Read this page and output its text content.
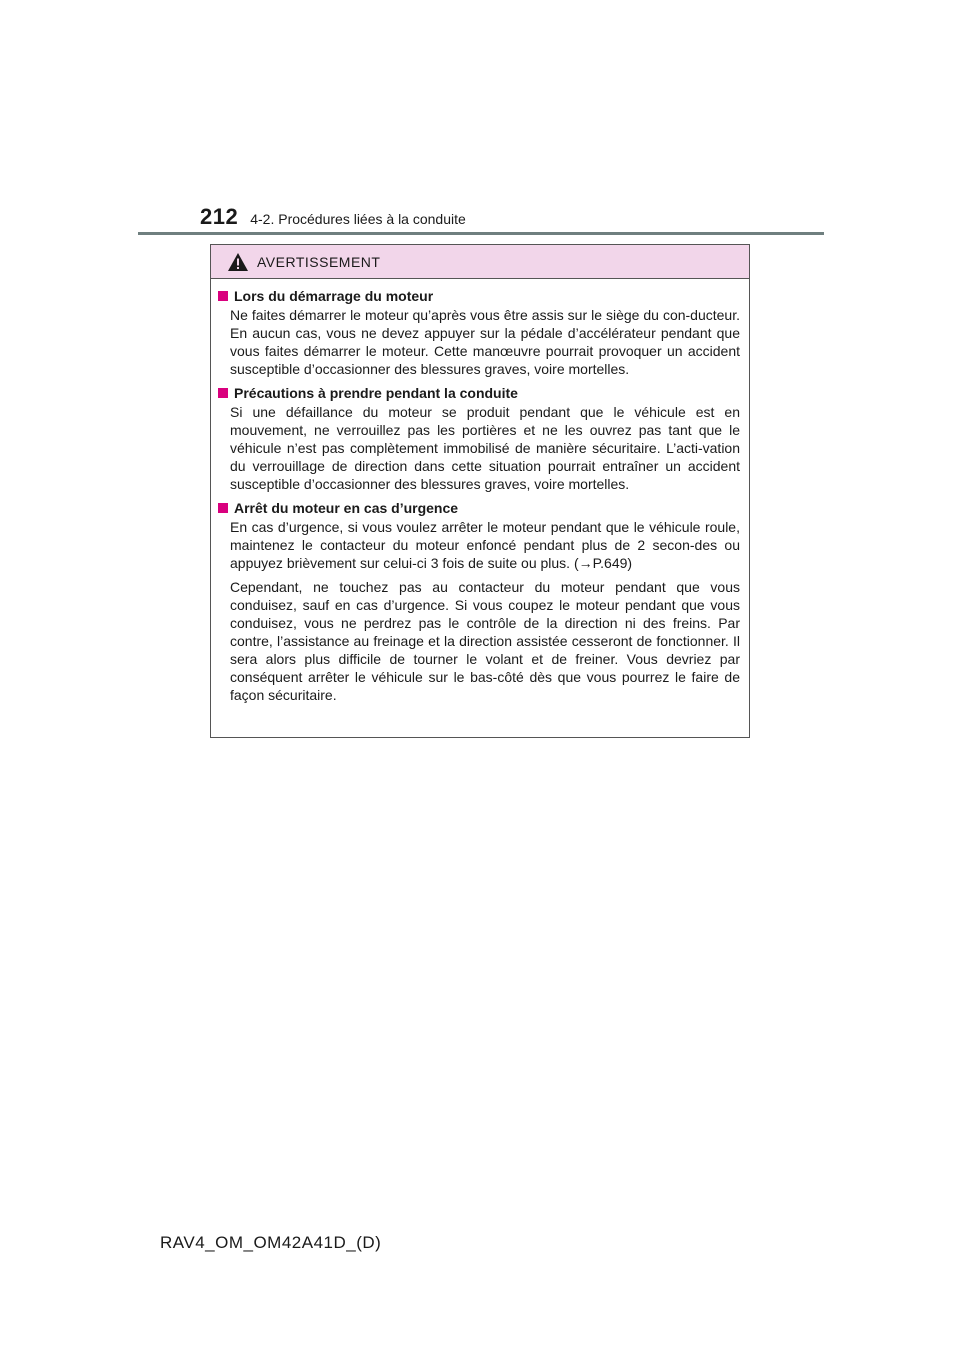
212 4-2. Procédures liées à la conduite
AVERTISSEMENT
Lors du démarrage du moteur

Ne faites démarrer le moteur qu’après vous être assis sur le siège du con-ducteur. En aucun cas, vous ne devez appuyer sur la pédale d’accélérateur pendant que vous faites démarrer le moteur. Cette manœuvre pourrait provoquer un accident susceptible d’occasionner des blessures graves, voire mortelles.

Précautions à prendre pendant la conduite

Si une défaillance du moteur se produit pendant que le véhicule est en mouvement, ne verrouillez pas les portières et ne les ouvrez pas tant que le véhicule n’est pas complètement immobilisé de manière sécuritaire. L’acti-vation du verrouillage de direction dans cette situation pourrait entraîner un accident susceptible d’occasionner des blessures graves, voire mortelles.

Arrêt du moteur en cas d’urgence

En cas d’urgence, si vous voulez arrêter le moteur pendant que le véhicule roule, maintenez le contacteur du moteur enfoncé pendant plus de 2 secon-des ou appuyez brièvement sur celui-ci 3 fois de suite ou plus. (→P.649)

Cependant, ne touchez pas au contacteur du moteur pendant que vous conduisez, sauf en cas d’urgence. Si vous coupez le moteur pendant que vous conduisez, vous ne perdrez pas le contrôle de la direction ni des freins. Par contre, l’assistance au freinage et la direction assistée cesseront de fonctionner. Il sera alors plus difficile de tourner le volant et de freiner. Vous devriez par conséquent arrêter le véhicule sur le bas-côté dès que vous pourrez le faire de façon sécuritaire.

RAV4_OM_OM42A41D_(D)
